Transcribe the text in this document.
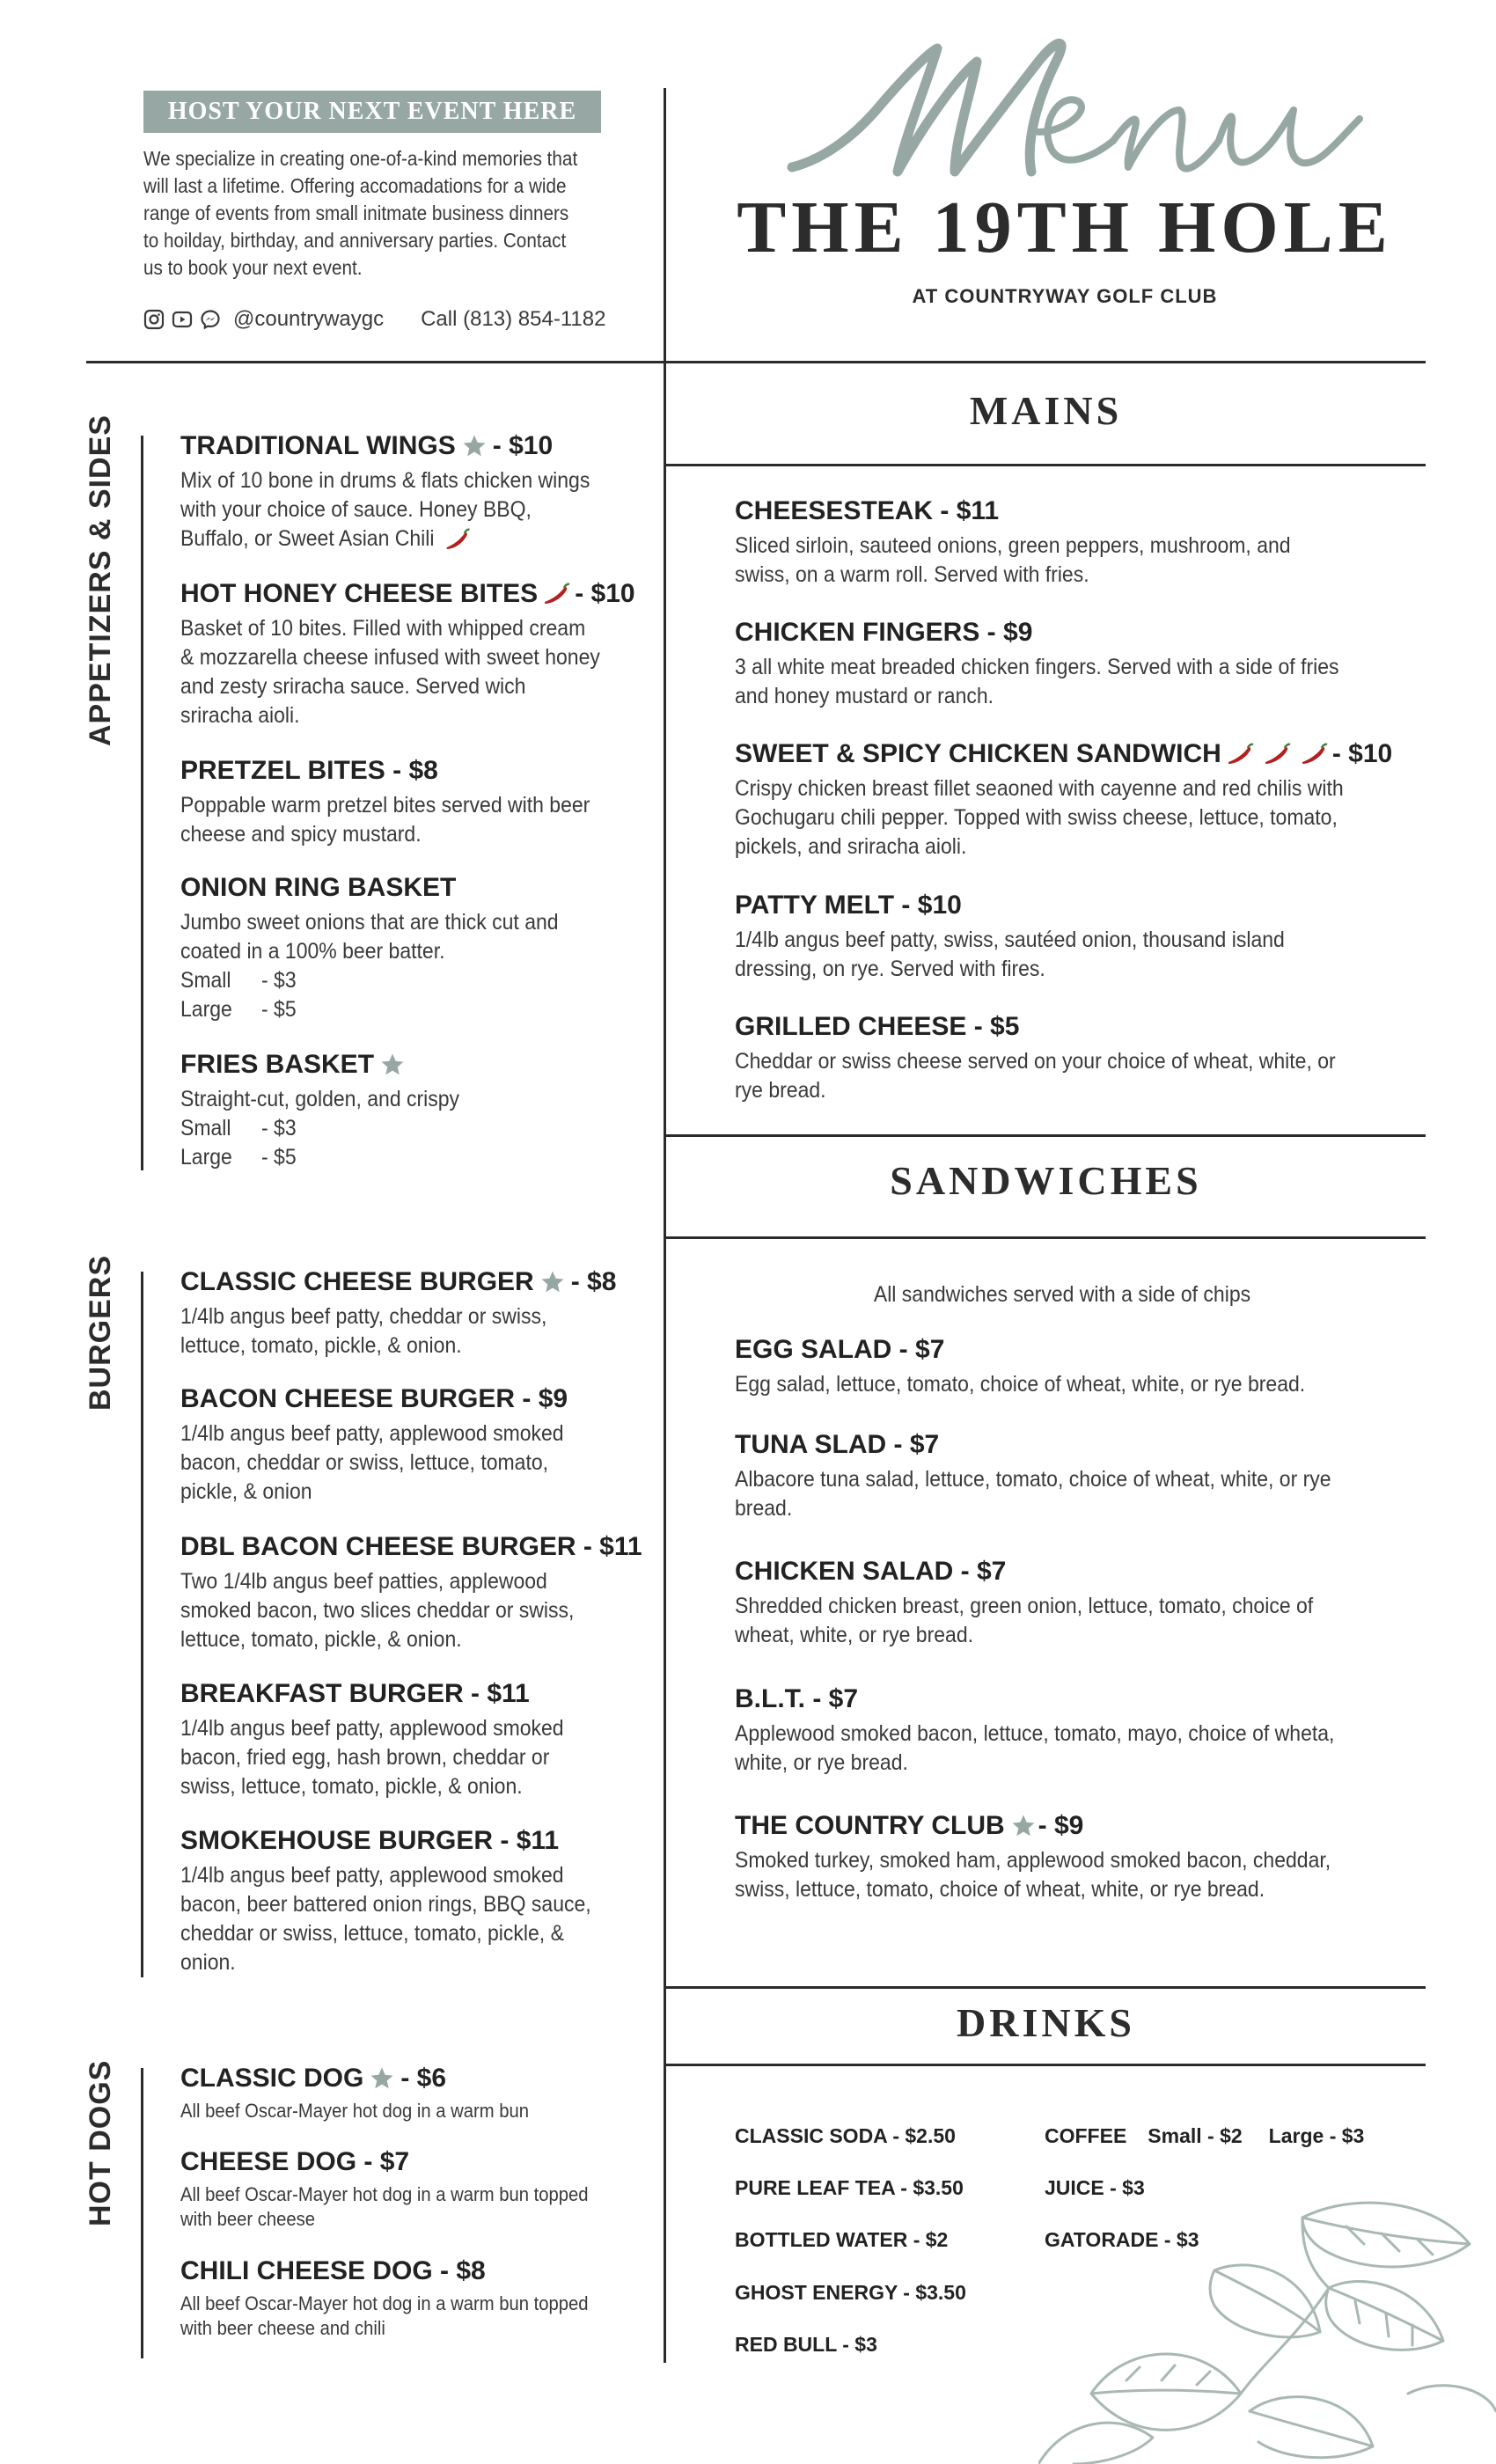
HOST YOUR NEXT EVENT HERE
We specialize in creating one-of-a-kind memories that will last a lifetime. Offering accomadations for a wide range of events from small initmate business dinners to hoilday, birthday, and anniversary parties. Contact us to book your next event.
@countrywaygc Call (813) 854-1182
Menu
THE 19TH HOLE
AT COUNTRYWAY GOLF CLUB
APPETIZERS & SIDES
BURGERS
HOT DOGS
TRADITIONAL WINGS - $10
Mix of 10 bone in drums & flats chicken wings with your choice of sauce. Honey BBQ, Buffalo, or Sweet Asian Chili
HOT HONEY CHEESE BITES - $10
Basket of 10 bites. Filled with whipped cream & mozzarella cheese infused with sweet honey and zesty sriracha sauce. Served wich sriracha aioli.
PRETZEL BITES - $8
Poppable warm pretzel bites served with beer cheese and spicy mustard.
ONION RING BASKET
Jumbo sweet onions that are thick cut and coated in a 100% beer batter.
Small	- $3
Large	- $5
FRIES BASKET
Straight-cut, golden, and crispy
Small	- $3
Large	- $5
CLASSIC CHEESE BURGER - $8
1/4lb angus beef patty, cheddar or swiss, lettuce, tomato, pickle, & onion.
BACON CHEESE BURGER - $9
1/4lb angus beef patty, applewood smoked bacon, cheddar or swiss, lettuce, tomato, pickle, & onion
DBL BACON CHEESE BURGER - $11
Two 1/4lb angus beef patties, applewood smoked bacon, two slices cheddar or swiss, lettuce, tomato, pickle, & onion.
BREAKFAST BURGER - $11
1/4lb angus beef patty, applewood smoked bacon, fried egg, hash brown, cheddar or swiss, lettuce, tomato, pickle, & onion.
SMOKEHOUSE BURGER - $11
1/4lb angus beef patty, applewood smoked bacon, beer battered onion rings, BBQ sauce, cheddar or swiss, lettuce, tomato, pickle, & onion.
CLASSIC DOG - $6
All beef Oscar-Mayer hot dog in a warm bun
CHEESE DOG - $7
All beef Oscar-Mayer hot dog in a warm bun topped with beer cheese
CHILI CHEESE DOG - $8
All beef Oscar-Mayer hot dog in a warm bun topped with beer cheese and chili
MAINS
CHEESESTEAK - $11
Sliced sirloin, sauteed onions, green peppers, mushroom, and swiss, on a warm roll. Served with fries.
CHICKEN FINGERS - $9
3 all white meat breaded chicken fingers. Served with a side of fries and honey mustard or ranch.
SWEET & SPICY CHICKEN SANDWICH	- $10
Crispy chicken breast fillet seaoned with cayenne and red chilis with Gochugaru chili pepper. Topped with swiss cheese, lettuce, tomato, pickels, and sriracha aioli.
PATTY MELT - $10
1/4lb angus beef patty, swiss, sautéed onion, thousand island dressing, on rye. Served with fires.
GRILLED CHEESE - $5
Cheddar or swiss cheese served on your choice of wheat, white, or rye bread.
SANDWICHES
All sandwiches served with a side of chips
EGG SALAD - $7
Egg salad, lettuce, tomato, choice of wheat, white, or rye bread.
TUNA SLAD - $7
Albacore tuna salad, lettuce, tomato, choice of wheat, white, or rye bread.
CHICKEN SALAD - $7
Shredded chicken breast, green onion, lettuce, tomato, choice of wheat, white, or rye bread.
B.L.T. - $7
Applewood smoked bacon, lettuce, tomato, mayo, choice of wheta, white, or rye bread.
THE COUNTRY CLUB - $9
Smoked turkey, smoked ham, applewood smoked bacon, cheddar, swiss, lettuce, tomato, choice of wheat, white, or rye bread.
DRINKS
CLASSIC SODA - $2.50
PURE LEAF TEA - $3.50
BOTTLED WATER - $2
GHOST ENERGY - $3.50
RED BULL - $3
COFFEE Small - $2 Large - $3
JUICE - $3
GATORADE - $3
